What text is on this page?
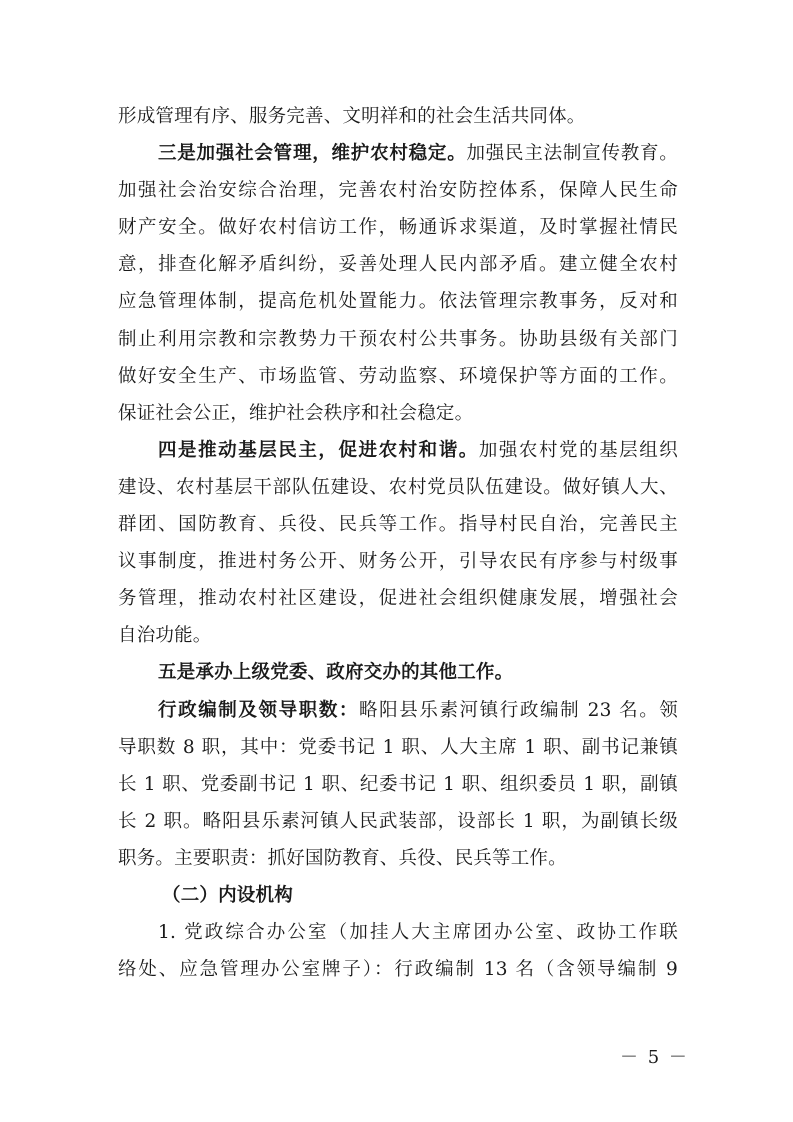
形成管理有序、服务完善、文明祥和的社会生活共同体。
三是加强社会管理，维护农村稳定。加强民主法制宣传教育。
加强社会治安综合治理，完善农村治安防控体系，保障人民生命
财产安全。做好农村信访工作，畅通诉求渠道，及时掌握社情民
意，排查化解矛盾纠纷，妥善处理人民内部矛盾。建立健全农村
应急管理体制，提高危机处置能力。依法管理宗教事务，反对和
制止利用宗教和宗教势力干预农村公共事务。协助县级有关部门
做好安全生产、市场监管、劳动监察、环境保护等方面的工作。
保证社会公正，维护社会秩序和社会稳定。
四是推动基层民主，促进农村和谐。加强农村党的基层组织
建设、农村基层干部队伍建设、农村党员队伍建设。做好镇人大、
群团、国防教育、兵役、民兵等工作。指导村民自治，完善民主
议事制度，推进村务公开、财务公开，引导农民有序参与村级事
务管理，推动农村社区建设，促进社会组织健康发展，增强社会
自治功能。
五是承办上级党委、政府交办的其他工作。
行政编制及领导职数：略阳县乐素河镇行政编制 23 名。领
导职数 8 职，其中：党委书记 1 职、人大主席 1 职、副书记兼镇
长 1 职、党委副书记 1 职、纪委书记 1 职、组织委员 1 职，副镇
长 2 职。略阳县乐素河镇人民武装部，设部长 1 职，为副镇长级
职务。主要职责：抓好国防教育、兵役、民兵等工作。
（二）内设机构
1. 党政综合办公室（加挂人大主席团办公室、政协工作联
络处、应急管理办公室牌子）：行政编制 13 名（含领导编制 9
－ 5 －
